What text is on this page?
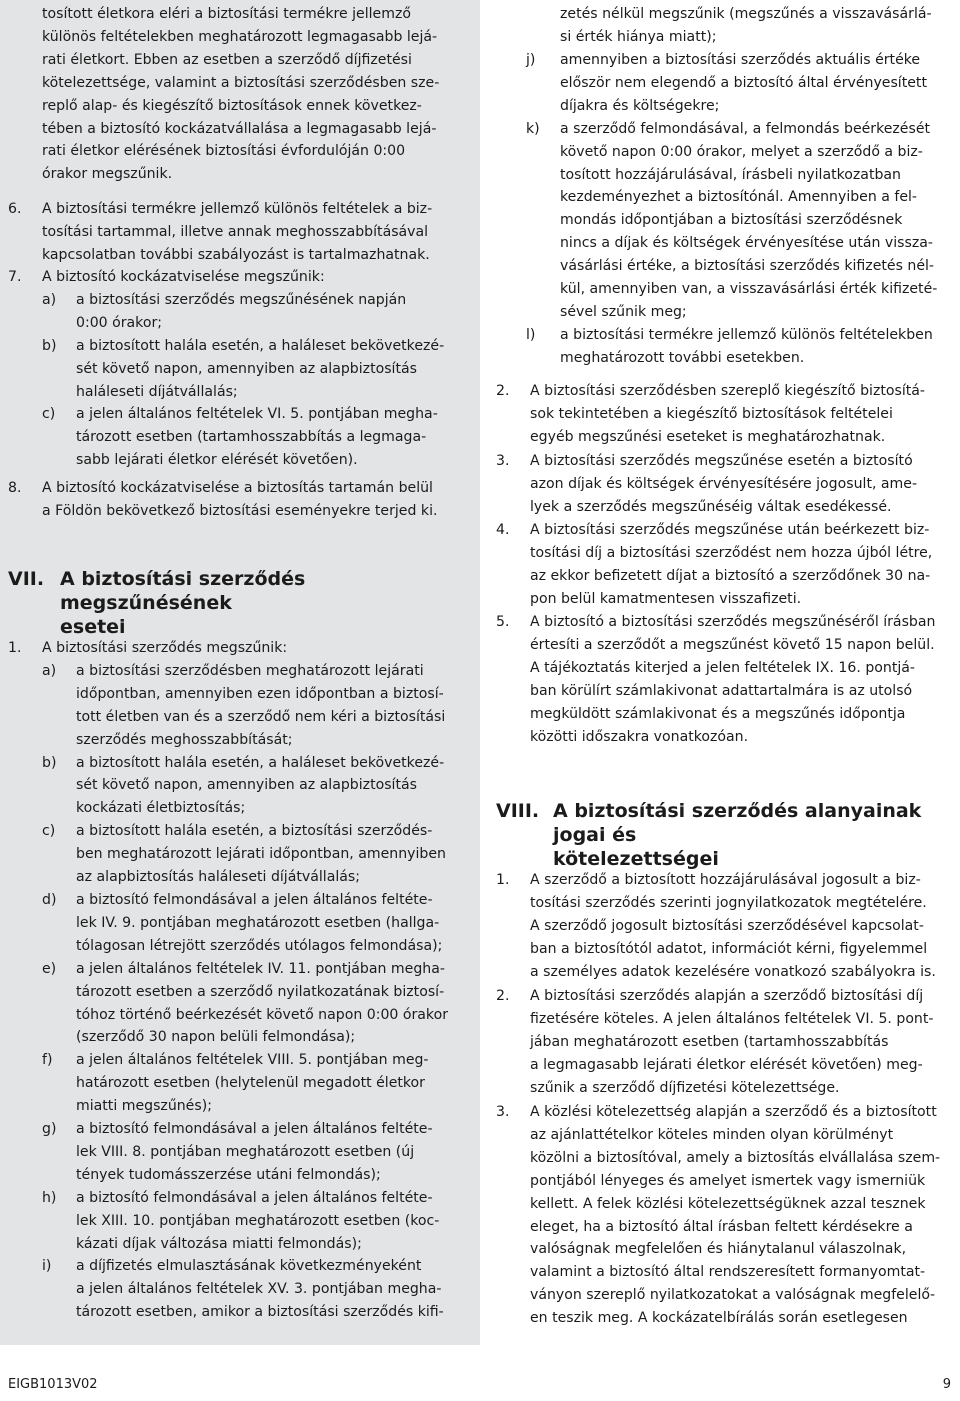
tosított életkora eléri a biztosítási termékre jellemző
különös feltételekben meghatározott legmagasabb lejá-
rati életkort. Ebben az esetben a szerződő díjfizetési
kötelezettsége, valamint a biztosítási szerződésben sze-
replő alap- és kiegészítő biztosítások ennek következ-
tében a biztosító kockázatvállalása a legmagasabb lejá-
rati életkor elérésének biztosítási évfordulóján 0:00
órakor megszűnik.
6. A biztosítási termékre jellemző különös feltételek a biz-
tosítási tartammal, illetve annak meghosszabbításával
kapcsolatban további szabályozást is tartalmazhatnak.
7. A biztosító kockázatviselése megszűnik:
a) a biztosítási szerződés megszűnésének napján
0:00 órakor;
b) a biztosított halála esetén, a haláleset bekövetkezé-
sét követő napon, amennyiben az alapbiztosítás
haláleseti díjátvállalás;
c) a jelen általános feltételek VI. 5. pontjában megha-
tározott esetben (tartamhosszabbítás a legmaga-
sabb lejárati életkor elérését követően).
8. A biztosító kockázatviselése a biztosítás tartamán belül
a Földön bekövetkező biztosítási eseményekre terjed ki.
VII. A biztosítási szerződés megszűnésének
esetei
1. A biztosítási szerződés megszűnik:
a) a biztosítási szerződésben meghatározott lejárati
időpontban, amennyiben ezen időpontban a biztosí-
tott életben van és a szerződő nem kéri a biztosítási
szerződés meghosszabbítását;
b) a biztosított halála esetén, a haláleset bekövetkezé-
sét követő napon, amennyiben az alapbiztosítás
kockázati életbiztosítás;
c) a biztosított halála esetén, a biztosítási szerződés-
ben meghatározott lejárati időpontban, amennyiben
az alapbiztosítás haláleseti díjátvállalás;
d) a biztosító felmondásával a jelen általános feltéte-
lek IV. 9. pontjában meghatározott esetben (hallga-
tólagosan létrejött szerződés utólagos felmondása);
e) a jelen általános feltételek IV. 11. pontjában megha-
tározott esetben a szerződő nyilatkozatának biztosí-
tóhoz történő beérkezését követő napon 0:00 órakor
(szerződő 30 napon belüli felmondása);
f) a jelen általános feltételek VIII. 5. pontjában meg-
határozott esetben (helytelenül megadott életkor
miatti megszűnés);
g) a biztosító felmondásával a jelen általános feltéte-
lek VIII. 8. pontjában meghatározott esetben (új
tények tudomásszerzése utáni felmondás);
h) a biztosító felmondásával a jelen általános feltéte-
lek XIII. 10. pontjában meghatározott esetben (koc-
kázati díjak változása miatti felmondás);
i) a díjfizetés elmulasztásának következményeként
a jelen általános feltételek XV. 3. pontjában megha-
tározott esetben, amikor a biztosítási szerződés kifi-
zetés nélkül megszűnik (megszűnés a visszavásárlá-
si érték hiánya miatt);
j) amennyiben a biztosítási szerződés aktuális értéke
először nem elegendő a biztosító által érvényesített
díjakra és költségekre;
k) a szerződő felmondásával, a felmondás beérkezését
követő napon 0:00 órakor, melyet a szerződő a biz-
tosított hozzájárulásával, írásbeli nyilatkozatban
kezdeményezhet a biztosítónál. Amennyiben a fel-
mondás időpontjában a biztosítási szerződésnek
nincs a díjak és költségek érvényesítése után vissza-
vásárlási értéke, a biztosítási szerződés kifizetés nél-
kül, amennyiben van, a visszavásárlási érték kifizeté-
sével szűnik meg;
l) a biztosítási termékre jellemző különös feltételekben
meghatározott további esetekben.
2. A biztosítási szerződésben szereplő kiegészítő biztosítá-
sok tekintetében a kiegészítő biztosítások feltételei
egyéb megszűnési eseteket is meghatározhatnak.
3. A biztosítási szerződés megszűnése esetén a biztosító
azon díjak és költségek érvényesítésére jogosult, ame-
lyek a szerződés megszűnéséig váltak esedékessé.
4. A biztosítási szerződés megszűnése után beérkezett biz-
tosítási díj a biztosítási szerződést nem hozza újból létre,
az ekkor befizetett díjat a biztosító a szerződőnek 30 na-
pon belül kamatmentesen visszafizeti.
5. A biztosító a biztosítási szerződés megszűnéséről írásban
értesíti a szerződőt a megszűnést követő 15 napon belül.
A tájékoztatás kiterjed a jelen feltételek IX. 16. pontjá-
ban körülírt számlakivonat adattartalmára is az utolsó
megküldött számlakivonat és a megszűnés időpontja
közötti időszakra vonatkozóan.
VIII. A biztosítási szerződés alanyainak jogai és
kötelezettségei
1. A szerződő a biztosított hozzájárulásával jogosult a biz-
tosítási szerződés szerinti jognyilatkozatok megtételére.
A szerződő jogosult biztosítási szerződésével kapcsolat-
ban a biztosítótól adatot, információt kérni, figyelemmel
a személyes adatok kezelésére vonatkozó szabályokra is.
2. A biztosítási szerződés alapján a szerződő biztosítási díj
fizetésére köteles. A jelen általános feltételek VI. 5. pont-
jában meghatározott esetben (tartamhosszabbítás
a legmagasabb lejárati életkor elérését követően) meg-
szűnik a szerződő díjfizetési kötelezettsége.
3. A közlési kötelezettség alapján a szerződő és a biztosított
az ajánlattételkor köteles minden olyan körülményt
közölni a biztosítóval, amely a biztosítás elvállalása szem-
pontjából lényeges és amelyet ismertek vagy ismerniük
kellett. A felek közlési kötelezettségüknek azzal tesznek
eleget, ha a biztosító által írásban feltett kérdésekre a
valóságnak megfelelően és hiánytalanul válaszolnak,
valamint a biztosító által rendszeresített formanyomtat-
ványon szereplő nyilatkozatokat a valóságnak megfelelő-
en teszik meg. A kockázatelbírálás során esetlegesen
EIGB1013V02	9
